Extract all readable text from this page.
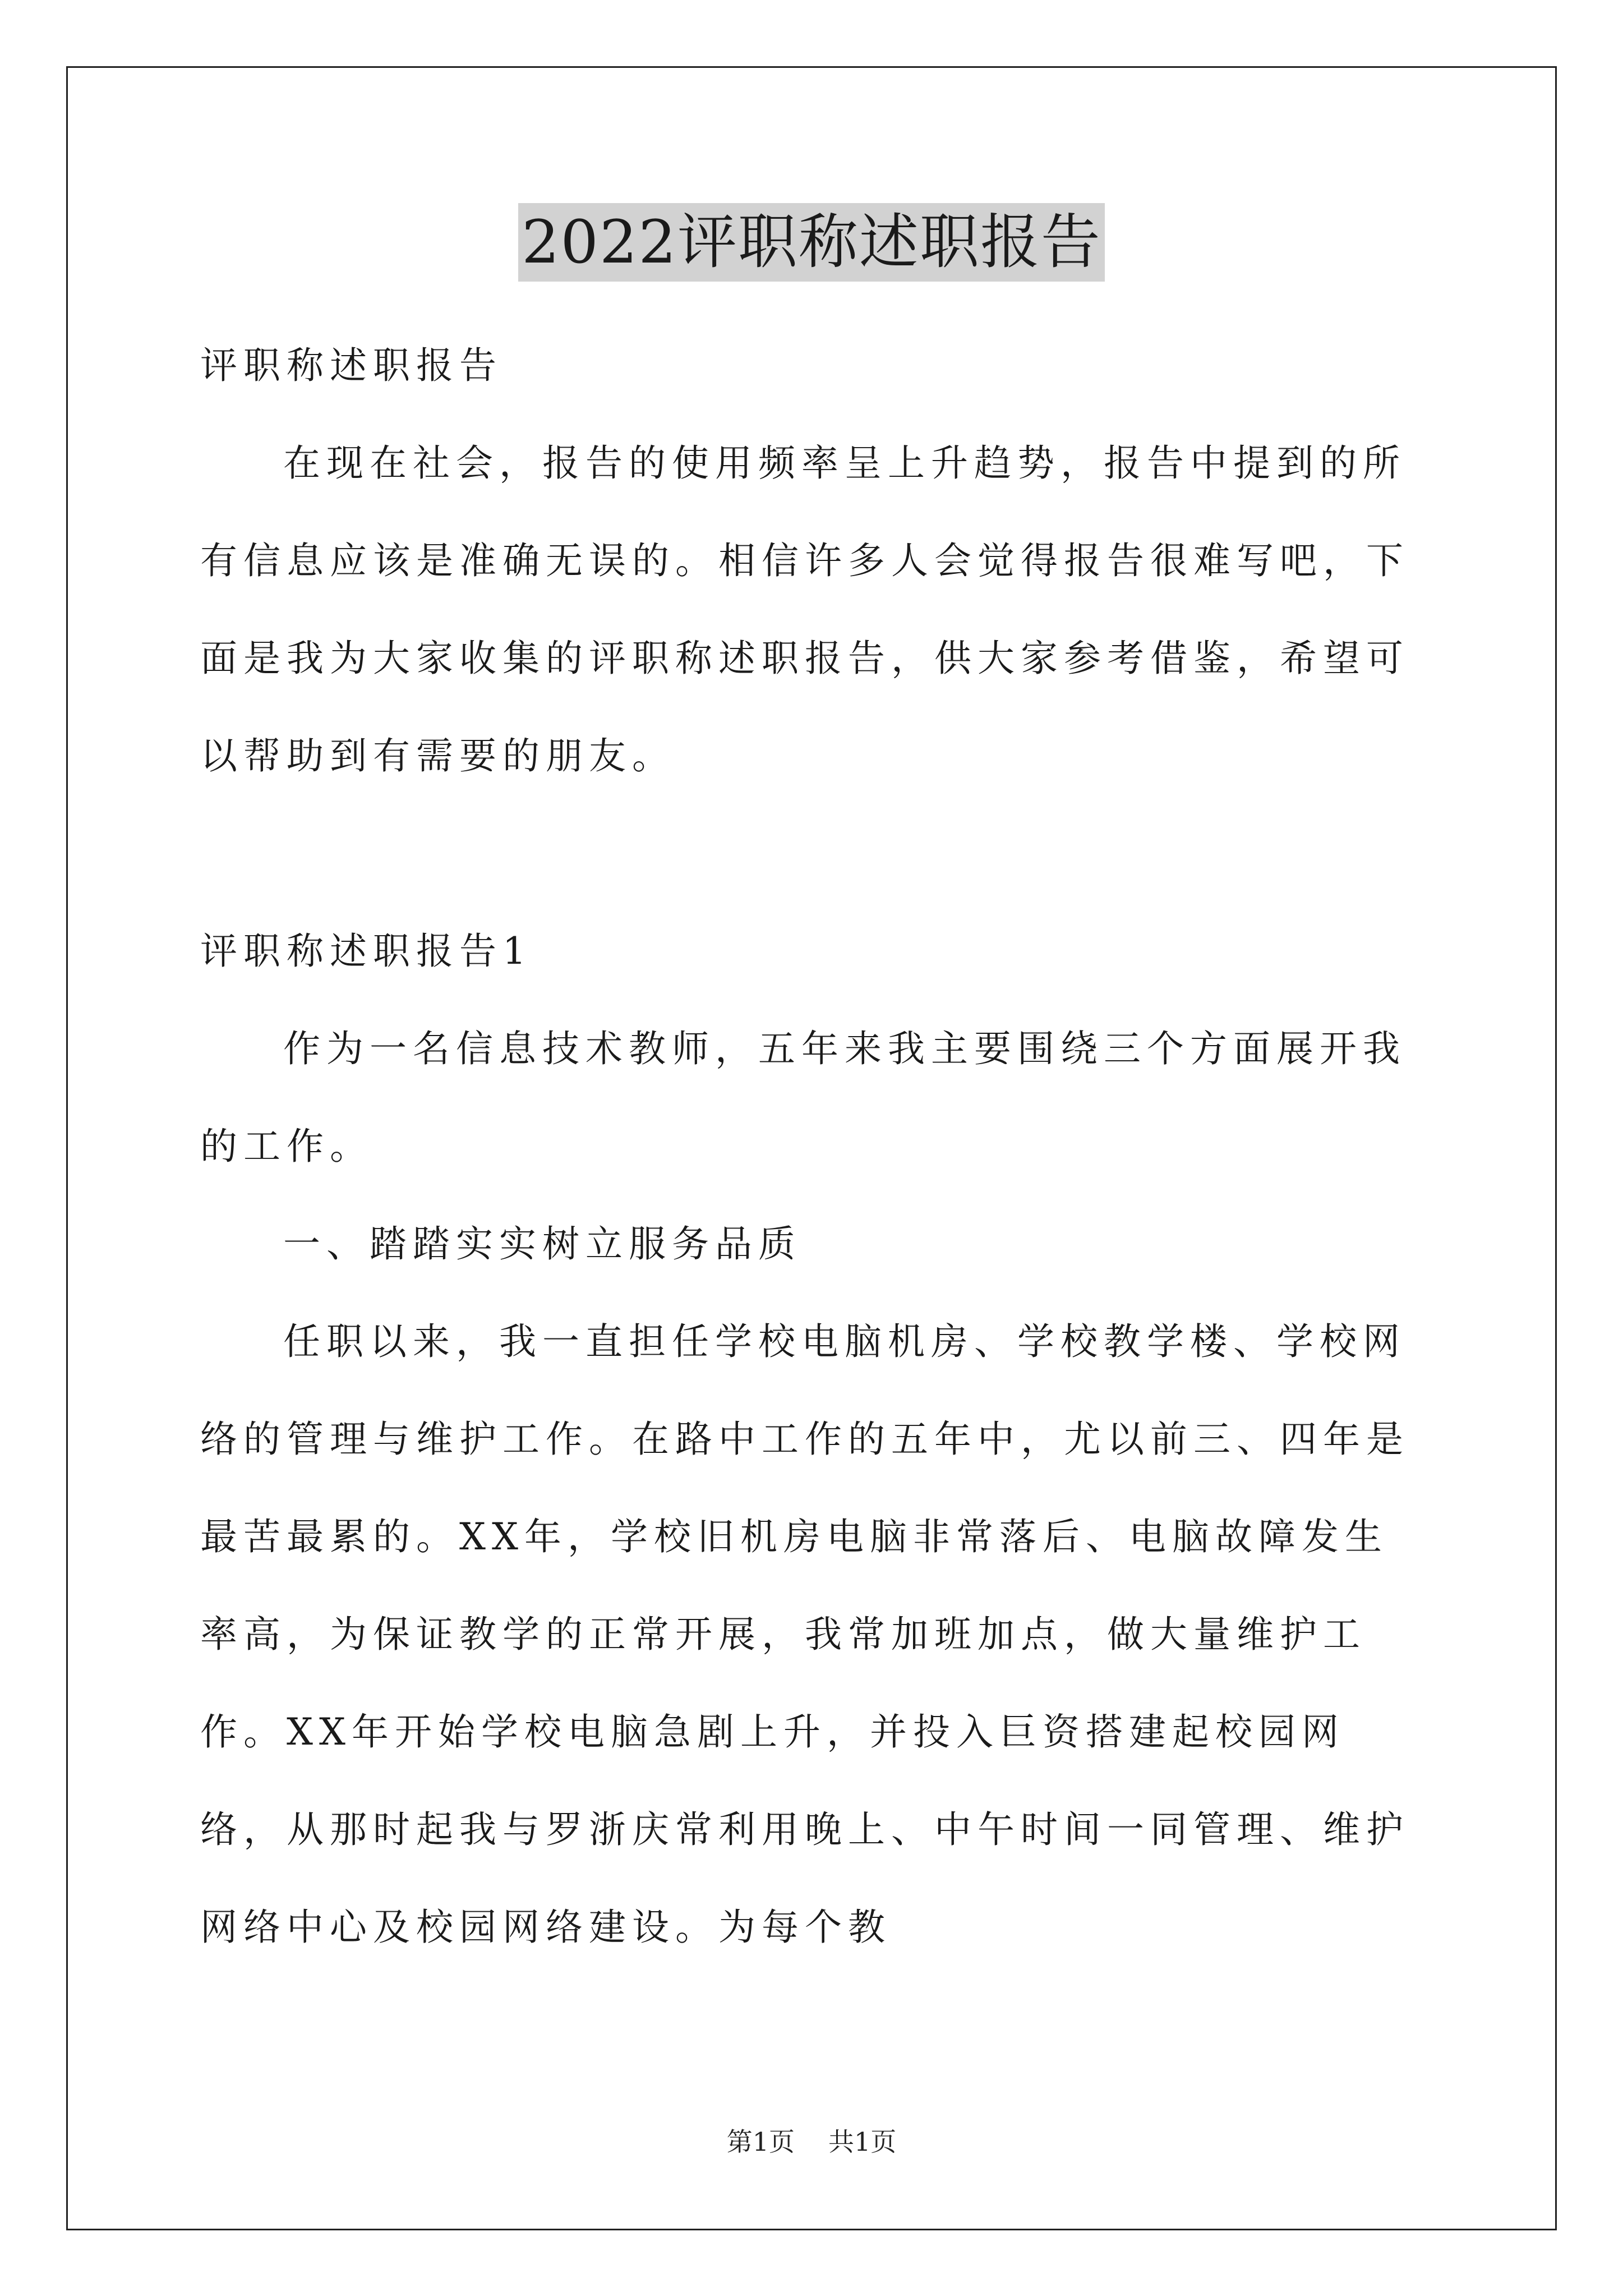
2022评职称述职报告

评职称述职报告

在现在社会，报告的使用频率呈上升趋势，报告中提到的所有信息应该是准确无误的。相信许多人会觉得报告很难写吧，下面是我为大家收集的评职称述职报告，供大家参考借鉴，希望可以帮助到有需要的朋友。

评职称述职报告1

作为一名信息技术教师，五年来我主要围绕三个方面展开我的工作。

一、踏踏实实树立服务品质

任职以来，我一直担任学校电脑机房、学校教学楼、学校网络的管理与维护工作。在路中工作的五年中，尤以前三、四年是最苦最累的。XX年，学校旧机房电脑非常落后、电脑故障发生率高，为保证教学的正常开展，我常加班加点，做大量维护工作。XX年开始学校电脑急剧上升，并投入巨资搭建起校园网络，从那时起我与罗浙庆常利用晚上、中午时间一同管理、维护网络中心及校园网络建设。为每个教

第1页 共1页
